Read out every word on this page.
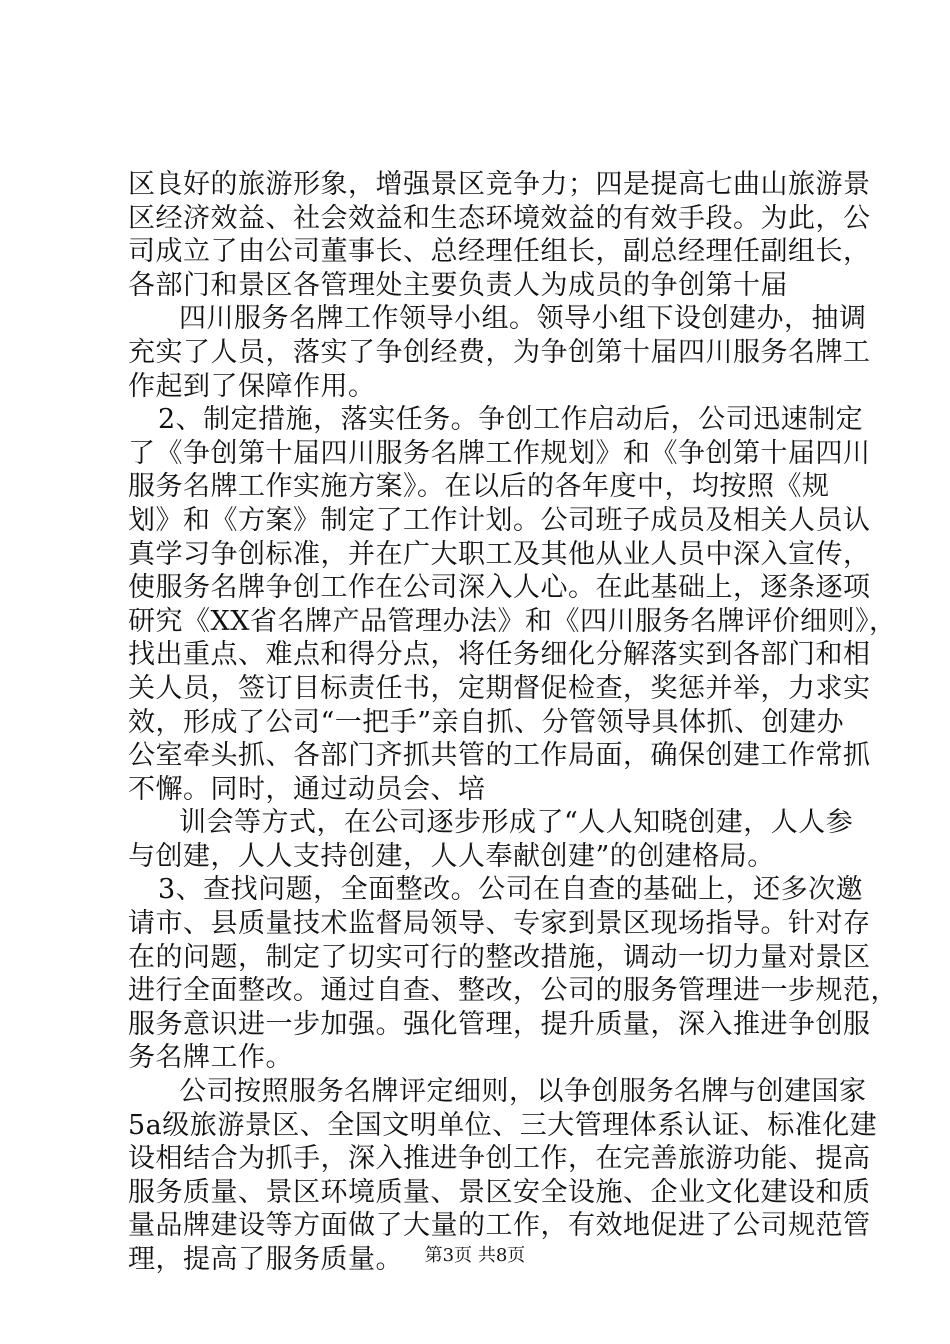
区良好的旅游形象，增强景区竞争力；四是提高七曲山旅游景
区经济效益、社会效益和生态环境效益的有效手段。为此，公
司成立了由公司董事长、总经理任组长，副总经理任副组长，
各部门和景区各管理处主要负责人为成员的争创第十届
四川服务名牌工作领导小组。领导小组下设创建办，抽调
充实了人员，落实了争创经费，为争创第十届四川服务名牌工
作起到了保障作用。
2、制定措施，落实任务。争创工作启动后，公司迅速制定
了《争创第十届四川服务名牌工作规划》和《争创第十届四川
服务名牌工作实施方案》。在以后的各年度中，均按照《规
划》和《方案》制定了工作计划。公司班子成员及相关人员认
真学习争创标准，并在广大职工及其他从业人员中深入宣传，
使服务名牌争创工作在公司深入人心。在此基础上，逐条逐项
研究《XX省名牌产品管理办法》和《四川服务名牌评价细则》，
找出重点、难点和得分点，将任务细化分解落实到各部门和相
关人员，签订目标责任书，定期督促检查，奖惩并举，力求实
效，形成了公司“一把手”亲自抓、分管领导具体抓、创建办
公室牵头抓、各部门齐抓共管的工作局面，确保创建工作常抓
不懈。同时，通过动员会、培
训会等方式，在公司逐步形成了“人人知晓创建，人人参
与创建，人人支持创建，人人奉献创建”的创建格局。
3、查找问题，全面整改。公司在自查的基础上，还多次邀
请市、县质量技术监督局领导、专家到景区现场指导。针对存
在的问题，制定了切实可行的整改措施，调动一切力量对景区
进行全面整改。通过自查、整改，公司的服务管理进一步规范，
服务意识进一步加强。强化管理，提升质量，深入推进争创服
务名牌工作。
公司按照服务名牌评定细则，以争创服务名牌与创建国家
5a级旅游景区、全国文明单位、三大管理体系认证、标准化建
设相结合为抓手，深入推进争创工作，在完善旅游功能、提高
服务质量、景区环境质量、景区安全设施、企业文化建设和质
量品牌建设等方面做了大量的工作，有效地促进了公司规范管
理，提高了服务质量。	第3页 共8页
